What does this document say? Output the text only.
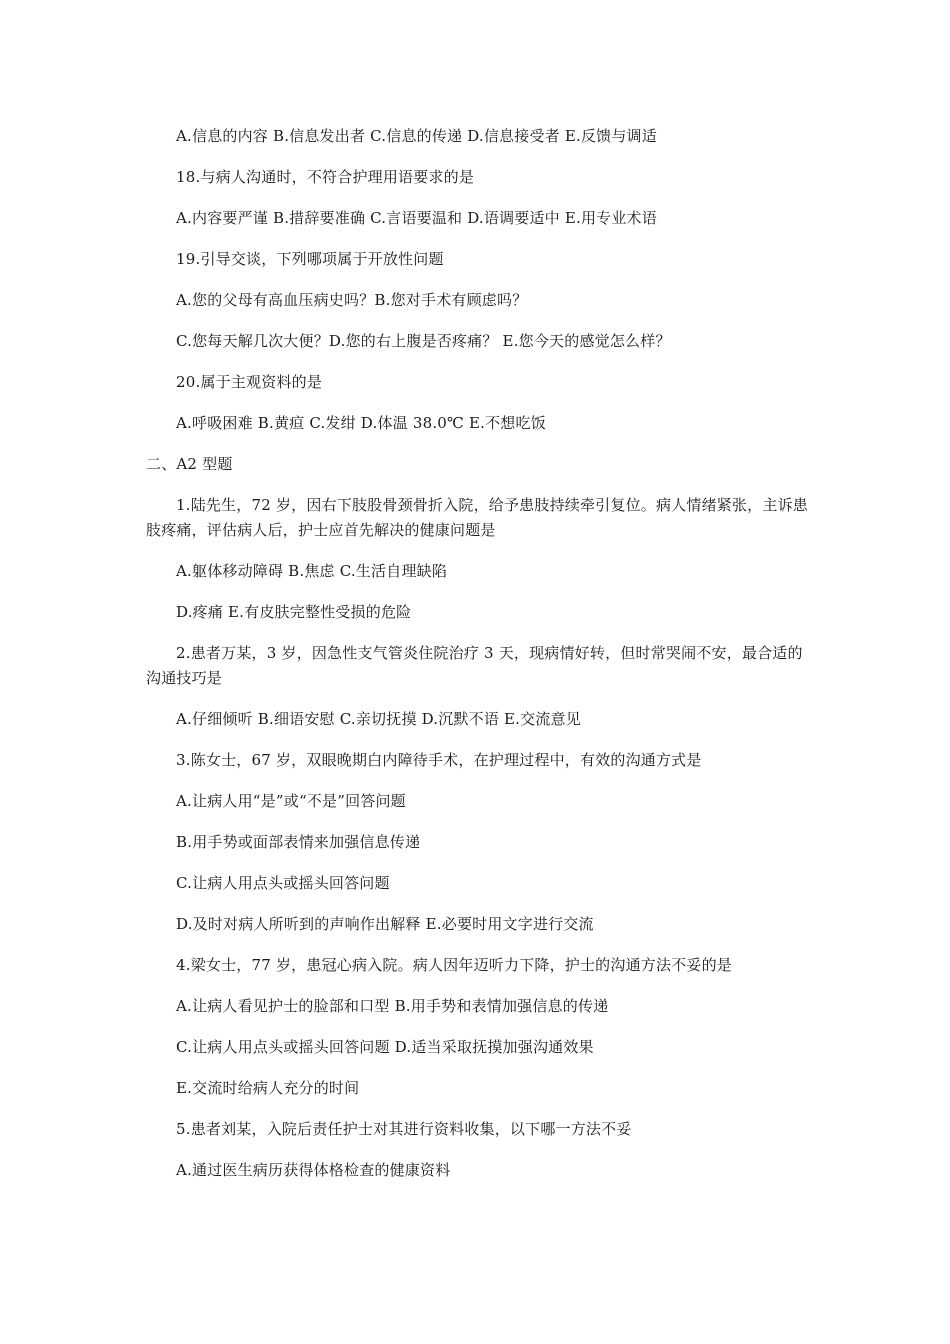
A.信息的内容 B.信息发出者 C.信息的传递 D.信息接受者 E.反馈与调适
18.与病人沟通时，不符合护理用语要求的是
A.内容要严谨 B.措辞要准确 C.言语要温和 D.语调要适中 E.用专业术语
19.引导交谈，下列哪项属于开放性问题
A.您的父母有高血压病史吗？B.您对手术有顾虑吗？
C.您每天解几次大便？D.您的右上腹是否疼痛？ E.您今天的感觉怎么样？
20.属于主观资料的是
A.呼吸困难 B.黄疸 C.发绀 D.体温 38.0℃ E.不想吃饭
二、A2 型题
1.陆先生，72 岁，因右下肢股骨颈骨折入院，给予患肢持续牵引复位。病人情绪紧张，主诉患肢疼痛，评估病人后，护士应首先解决的健康问题是
A.躯体移动障碍 B.焦虑 C.生活自理缺陷
D.疼痛 E.有皮肤完整性受损的危险
2.患者万某，3 岁，因急性支气管炎住院治疗 3 天，现病情好转，但时常哭闹不安，最合适的沟通技巧是
A.仔细倾听 B.细语安慰 C.亲切抚摸 D.沉默不语 E.交流意见
3.陈女士，67 岁，双眼晚期白内障待手术，在护理过程中，有效的沟通方式是
A.让病人用“是”或“不是”回答问题
B.用手势或面部表情来加强信息传递
C.让病人用点头或摇头回答问题
D.及时对病人所听到的声响作出解释 E.必要时用文字进行交流
4.梁女士，77 岁，患冠心病入院。病人因年迈听力下降，护士的沟通方法不妥的是
A.让病人看见护士的脸部和口型 B.用手势和表情加强信息的传递
C.让病人用点头或摇头回答问题 D.适当采取抚摸加强沟通效果
E.交流时给病人充分的时间
5.患者刘某，入院后责任护士对其进行资料收集，以下哪一方法不妥
A.通过医生病历获得体格检查的健康资料
